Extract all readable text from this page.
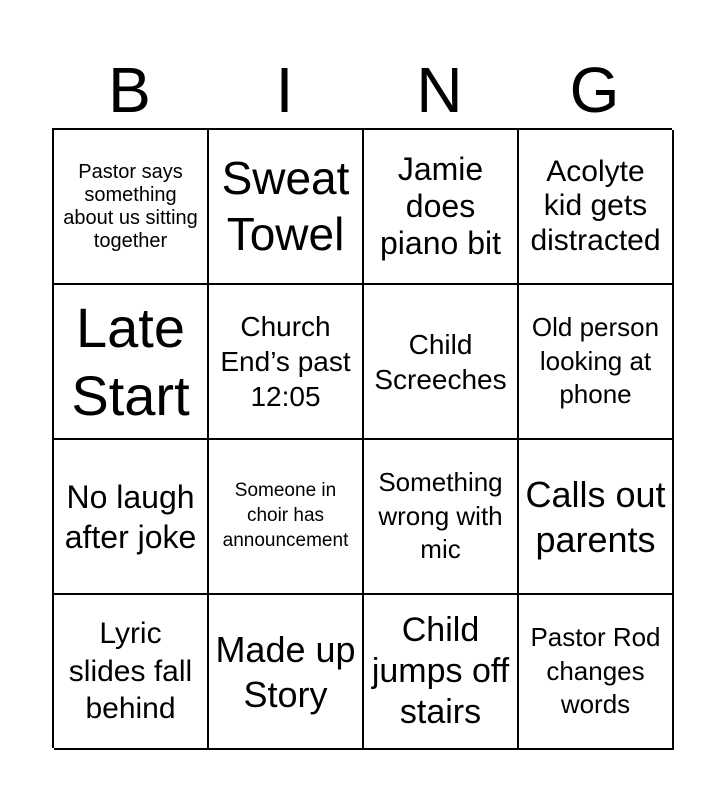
B	I	N	G
Pastor says something about us sitting together
Sweat Towel
Jamie does piano bit
Acolyte kid gets distracted
Late Start
Church End’s past 12:05
Child Screeches
Old person looking at phone
No laugh after joke
Someone in choir has announcement
Something wrong with mic
Calls out parents
Lyric slides fall behind
Made up Story
Child jumps off stairs
Pastor Rod changes words
